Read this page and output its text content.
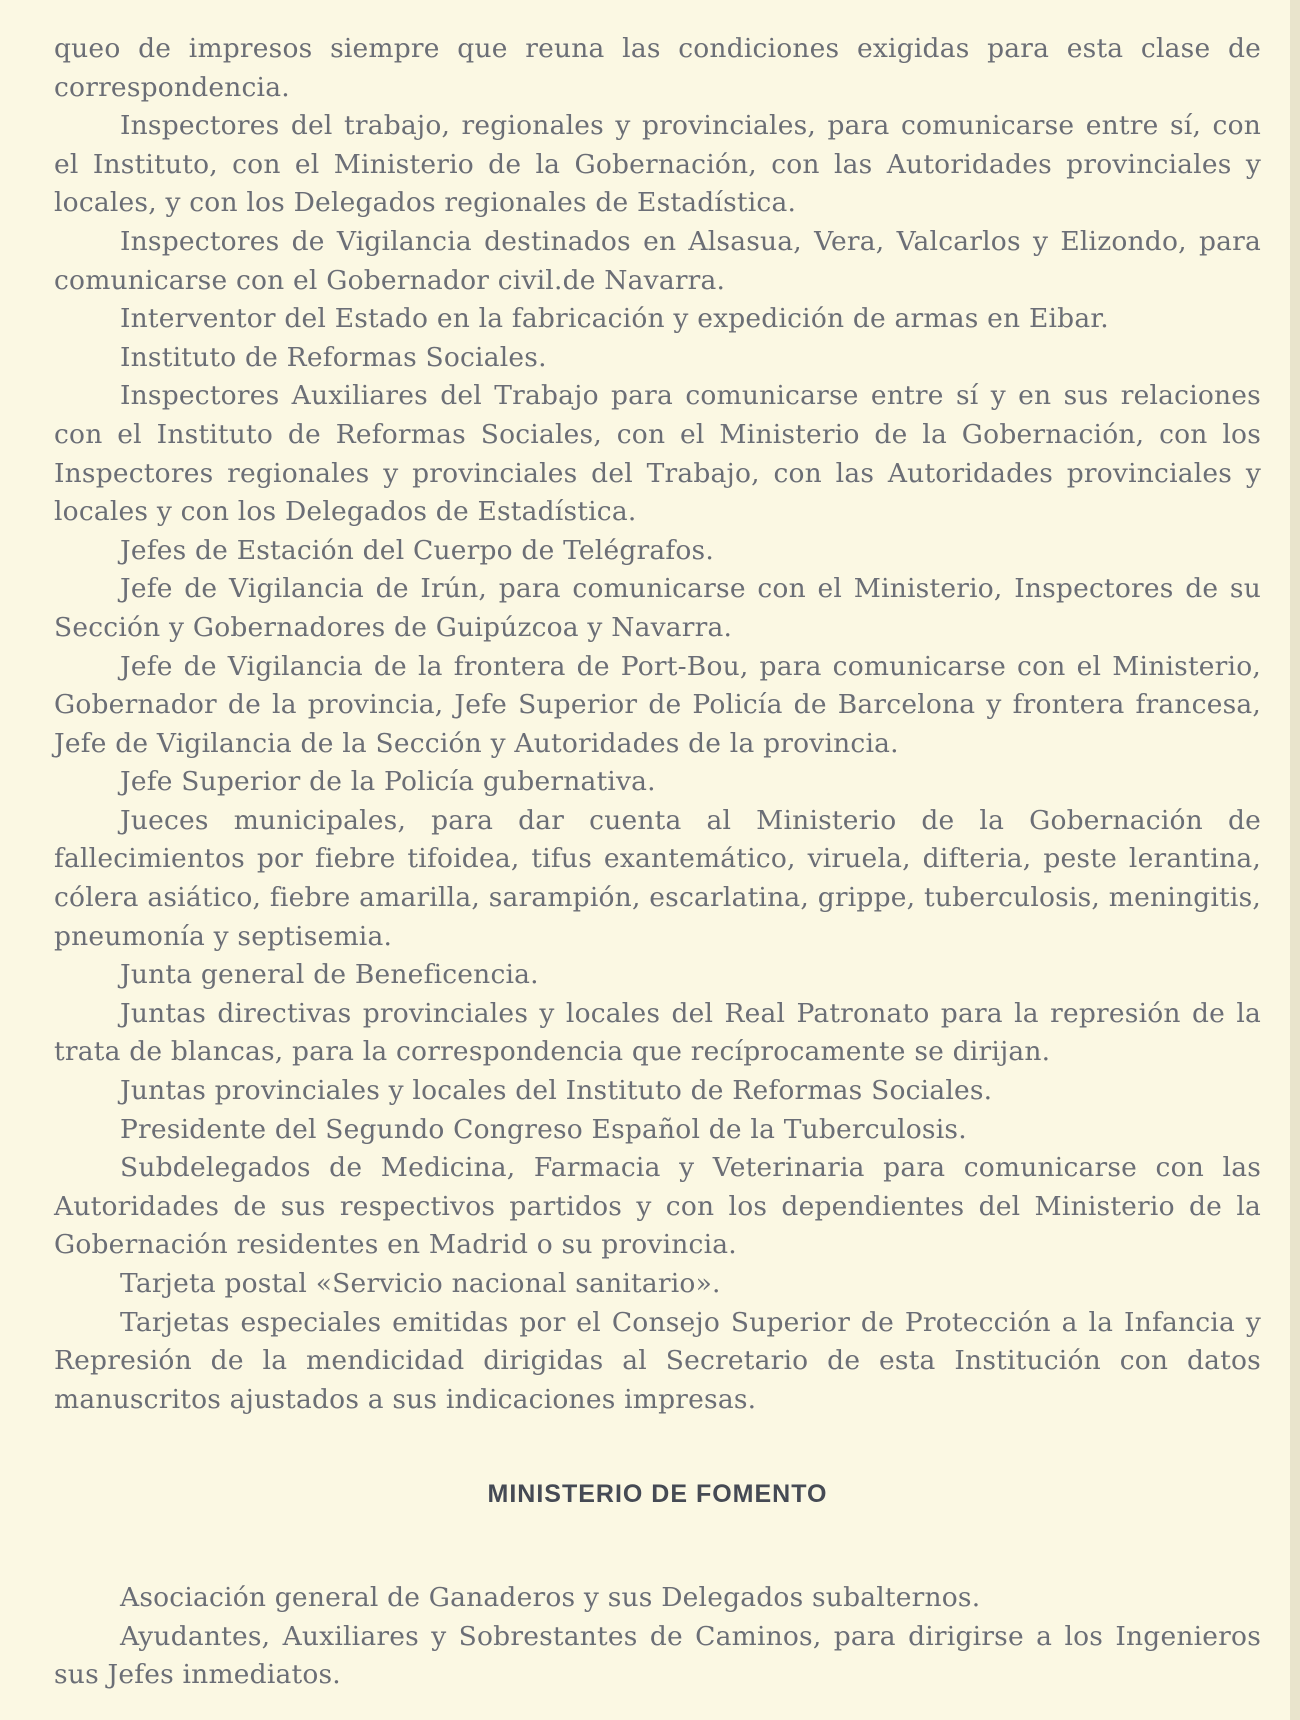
queo de impresos siempre que reuna las condiciones exigidas para esta clase de correspondencia.

Inspectores del trabajo, regionales y provinciales, para comunicarse entre sí, con el Instituto, con el Ministerio de la Gobernación, con las Autoridades provinciales y locales, y con los Delegados regionales de Estadística.

Inspectores de Vigilancia destinados en Alsasua, Vera, Valcarlos y Elizondo, para comunicarse con el Gobernador civil.de Navarra.

Interventor del Estado en la fabricación y expedición de armas en Eibar.

Instituto de Reformas Sociales.

Inspectores Auxiliares del Trabajo para comunicarse entre sí y en sus relaciones con el Instituto de Reformas Sociales, con el Ministerio de la Gobernación, con los Inspectores regionales y provinciales del Trabajo, con las Autoridades provinciales y locales y con los Delegados de Estadística.

Jefes de Estación del Cuerpo de Telégrafos.

Jefe de Vigilancia de Irún, para comunicarse con el Ministerio, Inspectores de su Sección y Gobernadores de Guipúzcoa y Navarra.

Jefe de Vigilancia de la frontera de Port-Bou, para comunicarse con el Ministerio, Gobernador de la provincia, Jefe Superior de Policía de Barcelona y frontera francesa, Jefe de Vigilancia de la Sección y Autoridades de la provincia.

Jefe Superior de la Policía gubernativa.

Jueces municipales, para dar cuenta al Ministerio de la Gobernación de fallecimientos por fiebre tifoidea, tifus exantemático, viruela, difteria, peste lerantina, cólera asiático, fiebre amarilla, sarampión, escarlatina, grippe, tuberculosis, meningitis, pneumonía y septisemia.

Junta general de Beneficencia.

Juntas directivas provinciales y locales del Real Patronato para la represión de la trata de blancas, para la correspondencia que recíprocamente se dirijan.

Juntas provinciales y locales del Instituto de Reformas Sociales.

Presidente del Segundo Congreso Español de la Tuberculosis.

Subdelegados de Medicina, Farmacia y Veterinaria para comunicarse con las Autoridades de sus respectivos partidos y con los dependientes del Ministerio de la Gobernación residentes en Madrid o su provincia.

Tarjeta postal «Servicio nacional sanitario».

Tarjetas especiales emitidas por el Consejo Superior de Protección a la Infancia y Represión de la mendicidad dirigidas al Secretario de esta Institución con datos manuscritos ajustados a sus indicaciones impresas.

MINISTERIO DE FOMENTO

Asociación general de Ganaderos y sus Delegados subalternos.

Ayudantes, Auxiliares y Sobrestantes de Caminos, para dirigirse a los Ingenieros sus Jefes inmediatos.
